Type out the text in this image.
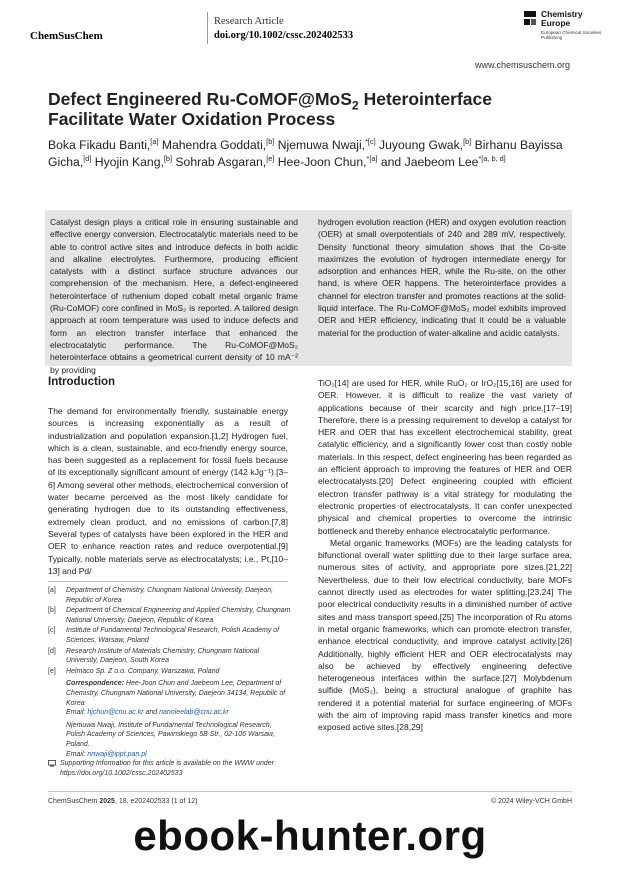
ChemSusChem
Research Article
doi.org/10.1002/cssc.202402533
Chemistry
Europe
European Chemical Societies Publishing
www.chemsuschem.org
Defect Engineered Ru-CoMOF@MoS$_2$ Heterointerface Facilitate Water Oxidation Process
Boka Fikadu Banti,[a] Mahendra Goddati,[b] Njemuwa Nwaji,$^{*[c]}$ Juyoung Gwak,[b] Birhanu Bayissa Gicha,[d] Hyojin Kang,[b] Sohrab Asgaran,[e] Hee-Joon Chun,$^{*[a]}$ and Jaebeom Lee$^{*[a, b, d]}$
Catalyst design plays a critical role in ensuring sustainable and effective energy conversion. Electrocatalytic materials need to be able to control active sites and introduce defects in both acidic and alkaline electrolytes. Furthermore, producing efficient catalysts with a distinct surface structure advances our comprehension of the mechanism. Here, a defect-engineered heterointerface of ruthenium doped cobalt metal organic frame (Ru-CoMOF) core confined in MoS₂ is reported. A tailored design approach at room temperature was used to induce defects and form an electron transfer interface that enhanced the electrocatalytic performance. The Ru-CoMOF@MoS₂ heterointerface obtains a geometrical current density of 10 mA⁻² by providing
hydrogen evolution reaction (HER) and oxygen evolution reaction (OER) at small overpotentials of 240 and 289 mV, respectively. Density functional theory simulation shows that the Co-site maximizes the evolution of hydrogen intermediate energy for adsorption and enhances HER, while the Ru-site, on the other hand, is where OER happens. The heterointerface provides a channel for electron transfer and promotes reactions at the solid-liquid interface. The Ru-CoMOF@MoS₂ model exhibits improved OER and HER efficiency, indicating that it could be a valuable material for the production of water-alkaline and acidic catalysts.
Introduction

The demand for environmentally friendly, sustainable energy sources is increasing exponentially as a result of industrialization and population expansion.[1,2] Hydrogen fuel, which is a clean, sustainable, and eco-friendly energy source, has been suggested as a replacement for fossil fuels because of its exceptionally significant amount of energy (142 kJg⁻¹).[3–6] Among several other methods, electrochemical conversion of water became perceived as the most likely candidate for generating hydrogen due to its outstanding effectiveness, extremely clean product, and no emissions of carbon.[7,8] Several types of catalysts have been explored in the HER and OER to enhance reaction rates and reduce overpotential.[9] Typically, noble materials serve as electrocatalysts; i.e., Pt,[10–13] and Pd/

TiO₂[14] are used for HER, while RuO₂ or IrO₂[15,16] are used for OER. However, it is difficult to realize the vast variety of applications because of their scarcity and high price.[17–19] Therefore, there is a pressing requirement to develop a catalyst for HER and OER that has excellent electrochemical stability, great catalytic efficiency, and a significantly lower cost than costly noble materials. In this respect, defect engineering has been regarded as an efficient approach to improving the features of HER and OER electrocatalysts.[20] Defect engineering coupled with efficient electron transfer pathway is a vital strategy for modulating the electronic properties of electrocatalysts. It can confer unexpected physical and chemical properties to overcome the intrinsic bottleneck and thereby enhance electrocatalytic performance.

Metal organic frameworks (MOFs) are the leading catalysts for bifunctional overall water splitting due to their large surface area, numerous sites of activity, and appropriate pore sizes.[21,22] Nevertheless, due to their low electrical conductivity, bare MOFs cannot directly used as electrodes for water splitting.[23,24] The poor electrical conductivity results in a diminished number of active sites and mass transport speed.[25] The incorporation of Ru atoms in metal organic frameworks, which can promote electron transfer, enhance electrical conductivity, and improve catalyst activity.[26] Additionally, highly efficient HER and OER electrocatalysts may also be achieved by effectively engineering defective heterogeneous interfaces within the surface.[27] Molybdenum sulfide (MoS₂), being a structural analogue of graphite has rendered it a potential material for surface engineering of MOFs with the aim of improving rapid mass transfer kinetics and more exposed active sites.[28,29]

[a] Department of Chemistry, Chungnam National University, Daejeon, Republic of Korea
[b] Department of Chemical Engineering and Applied Chemistry, Chungnam National University, Daejeon, Republic of Korea
[c] Institute of Fundamental Technological Research, Polish Academy of Sciences, Warsaw, Poland
[d] Research Institute of Materials Chemistry, Chungnam National University, Daejeon, South Korea
[e] Helmaco Sp. Z o.o. Company, Warszawa, Poland
Correspondence: Hee-Joon Chun and Jaebeom Lee, Department of Chemistry, Chungnam National University, Daejeon 34134, Republic of Korea
Email: hjchun@cnu.ac.kr and nanoleelab@cnu.ac.kr
Njemuwa Nwaji, Institute of Fundamental Technological Research, Polish Academy of Sciences, Pawinskiego 5B Str., 02-106 Warsaw, Poland.
Email: nnwaji@ippt.pan.pl
Supporting Information for this article is available on the WWW under https://doi.org/10.1002/cssc.202402533
ChemSusChem 2025, 18, e202402533 (1 of 12)	© 2024 Wiley-VCH GmbH
ebook-hunter.org
